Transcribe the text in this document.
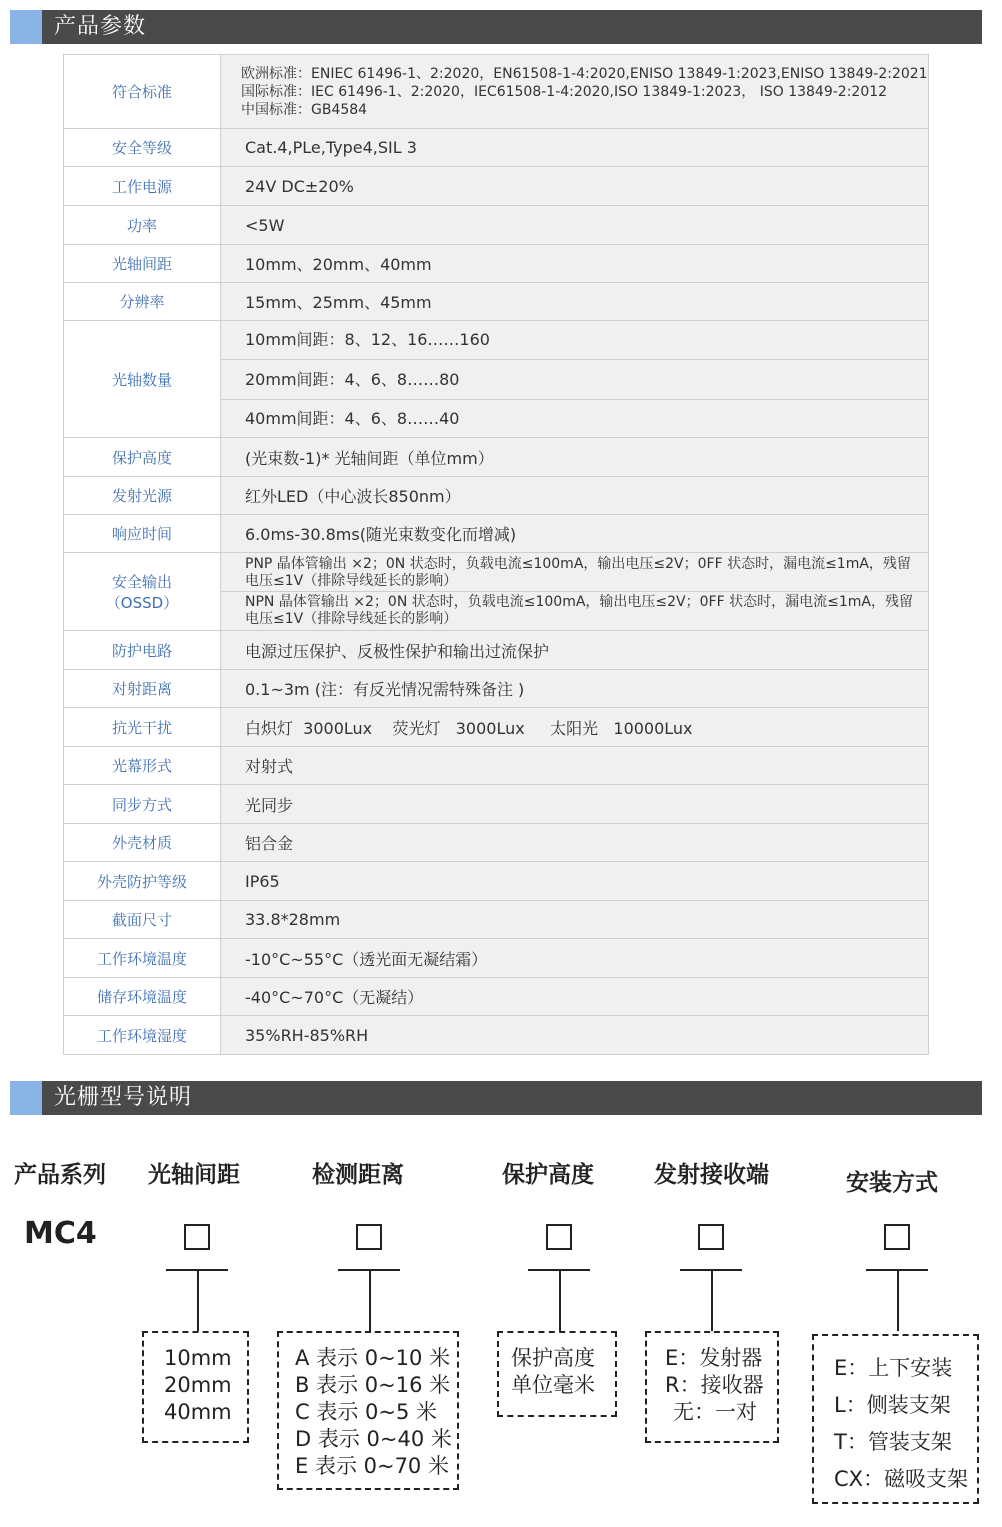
产品参数
符合标准	欧洲标准：ENIEC 61496-1、2:2020，EN61508-1-4:2020,ENISO 13849-1:2023,ENISO 13849-2:2021
国际标准：IEC 61496-1、2:2020，IEC61508-1-4:2020,ISO 13849-1:2023， ISO 13849-2:2012
中国标准：GB4584

安全等级	Cat.4,PLe,Type4,SIL 3
工作电源	24V DC±20%
功率	<5W
光轴间距	10mm、20mm、40mm
分辨率	15mm、25mm、45mm
光轴数量	10mm间距：8、12、16……160
20mm间距：4、6、8……80
40mm间距：4、6、8……40

保护高度	(光束数-1)* 光轴间距（单位mm）
发射光源	红外LED（中心波长850nm）
响应时间	6.0ms-30.8ms(随光束数变化而增减)

安全输出
（OSSD）	PNP 晶体管输出 ×2；0N 状态时，负载电流≤100mA，输出电压≤2V；0FF 状态时，漏电流≤1mA，残留电压≤1V（排除导线延长的影响）
NPN 晶体管输出 ×2；0N 状态时，负载电流≤100mA，输出电压≤2V；0FF 状态时，漏电流≤1mA，残留电压≤1V（排除导线延长的影响）

防护电路	电源过压保护、反极性保护和输出过流保护
对射距离	0.1~3m (注：有反光情况需特殊备注 )
抗光干扰	白炽灯  3000Lux    荧光灯   3000Lux     太阳光   10000Lux
光幕形式	对射式
同步方式	光同步
外壳材质	铝合金
外壳防护等级	IP65
截面尺寸	33.8*28mm
工作环境温度	-10°C~55°C（透光面无凝结霜）
储存环境温度	-40°C~70°C（无凝结）
工作环境湿度	35%RH-85%RH
光栅型号说明
产品系列
MC4
光轴间距
10mm
20mm
40mm
检测距离
A 表示 0~10 米
B 表示 0~16 米
C 表示 0~5 米
D 表示 0~40 米
E 表示 0~70 米
保护高度
保护高度
单位毫米
发射接收端
E：发射器
R：接收器
无：一对
安装方式
E：上下安装
L：侧装支架
T：管装支架
CX：磁吸支架
